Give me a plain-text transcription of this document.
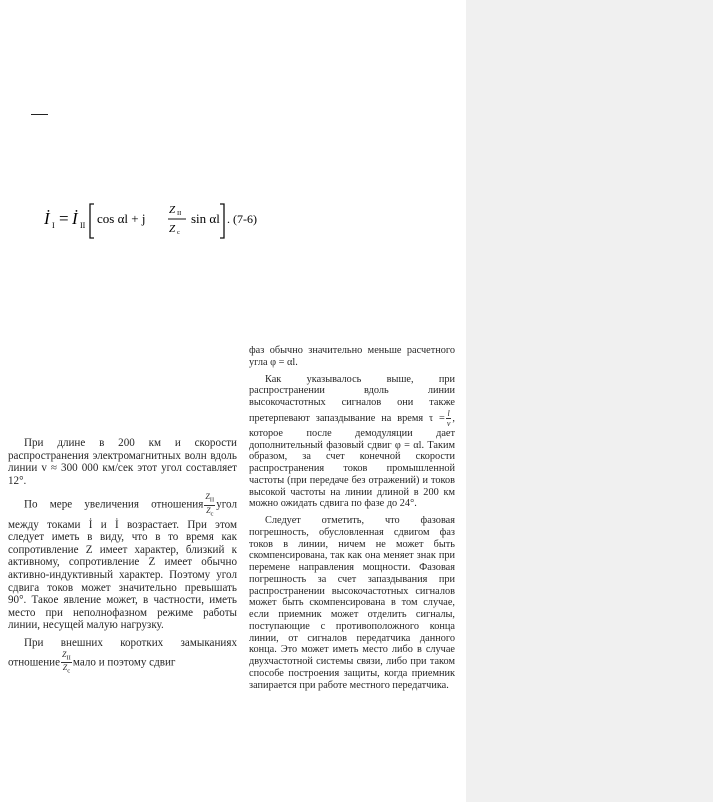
İ I = İ II cos αl + j
Z II
Z c
sin αl . (7-6)

При длине в 200 км и скорости распространения электромагнитных волн вдоль линии v ≈ 300 000 км/сек этот угол составляет 12°.

По мере увеличения отношения $\frac{Z_{II}}{Z_c}$ угол между токами İ и İ возрастает. При этом следует иметь в виду, что в то время как сопротивление Z имеет характер, близкий к активному, сопротивление Z имеет обычно активно-индуктивный характер. Поэтому угол сдвига токов может значительно превышать 90°. Такое явление может, в частности, иметь место при неполнофазном режиме работы линии, несущей малую нагрузку.

При внешних коротких замыканиях отношение $\frac{Z_{II}}{Z_c}$ мало и поэтому сдвиг

фаз обычно значительно меньше расчетного угла φ = αl.

Как указывалось выше, при распространении вдоль линии высокочастотных сигналов они также претерпевают запаздывание на время $\tau = \frac{l}{v}$ , которое после демодуляции дает дополнительный фазовый сдвиг φ = αl. Таким образом, за счет конечной скорости распространения токов промышленной частоты (при передаче без отражений) и токов высокой частоты на линии длиной в 200 км можно ожидать сдвига по фазе до 24°.

Следует отметить, что фазовая погрешность, обусловленная сдвигом фаз токов в линии, ничем не может быть скомпенсирована, так как она меняет знак при перемене направления мощности. Фазовая погрешность за счет запаздывания при распространении высокочастотных сигналов может быть скомпенсирована в том случае, если приемник может отделить сигналы, поступающие с противоположного конца линии, от сигналов передатчика данного конца. Это может иметь место либо в случае двухчастотной системы связи, либо при таком способе построения защиты, когда приемник запирается при работе местного передатчика.
